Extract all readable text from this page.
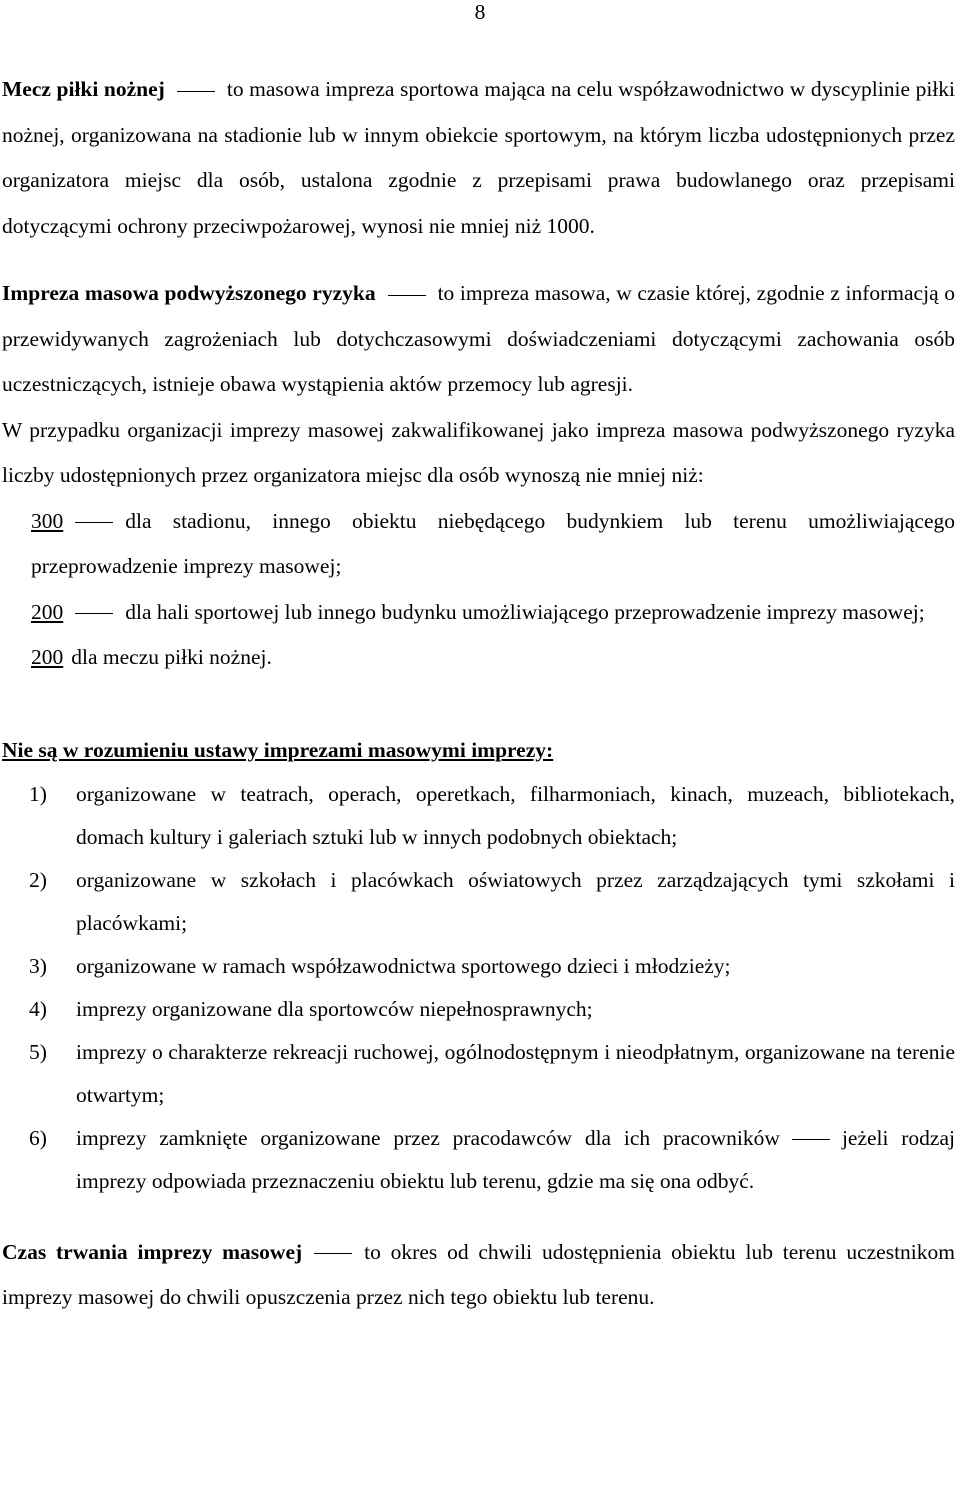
8

Mecz piłki nożnej	to masowa impreza sportowa mająca na celu współzawodnictwo w dyscyplinie piłki nożnej, organizowana na stadionie lub w innym obiekcie sportowym, na którym liczba udostępnionych przez organizatora miejsc dla osób, ustalona zgodnie z przepisami prawa budowlanego oraz przepisami dotyczącymi ochrony przeciwpożarowej, wynosi nie mniej niż 1000.

Impreza masowa podwyższonego ryzyka	to impreza masowa, w czasie której, zgodnie z informacją o przewidywanych zagrożeniach lub dotychczasowymi doświadczeniami dotyczącymi zachowania osób uczestniczących, istnieje obawa wystąpienia aktów przemocy lub agresji.

W przypadku organizacji imprezy masowej zakwalifikowanej jako impreza masowa podwyższonego ryzyka liczby udostępnionych przez organizatora miejsc dla osób wynoszą nie mniej niż:

300	dla stadionu, innego obiektu niebędącego budynkiem lub terenu umożliwiającego przeprowadzenie imprezy masowej;

200	dla hali sportowej lub innego budynku umożliwiającego przeprowadzenie imprezy masowej;

200 dla meczu piłki nożnej.

Nie są w rozumieniu ustawy imprezami masowymi imprezy:

1) organizowane w teatrach, operach, operetkach, filharmoniach, kinach, muzeach, bibliotekach, domach kultury i galeriach sztuki lub w innych podobnych obiektach;
2) organizowane w szkołach i placówkach oświatowych przez zarządzających tymi szkołami i placówkami;
3) organizowane w ramach współzawodnictwa sportowego dzieci i młodzieży;
4) imprezy organizowane dla sportowców niepełnosprawnych;
5) imprezy o charakterze rekreacji ruchowej, ogólnodostępnym i nieodpłatnym, organizowane na terenie otwartym;
6) imprezy zamknięte organizowane przez pracodawców dla ich pracowników	jeżeli rodzaj imprezy odpowiada przeznaczeniu obiektu lub terenu, gdzie ma się ona odbyć.

Czas trwania imprezy masowej	to okres od chwili udostępnienia obiektu lub terenu uczestnikom imprezy masowej do chwili opuszczenia przez nich tego obiektu lub terenu.
